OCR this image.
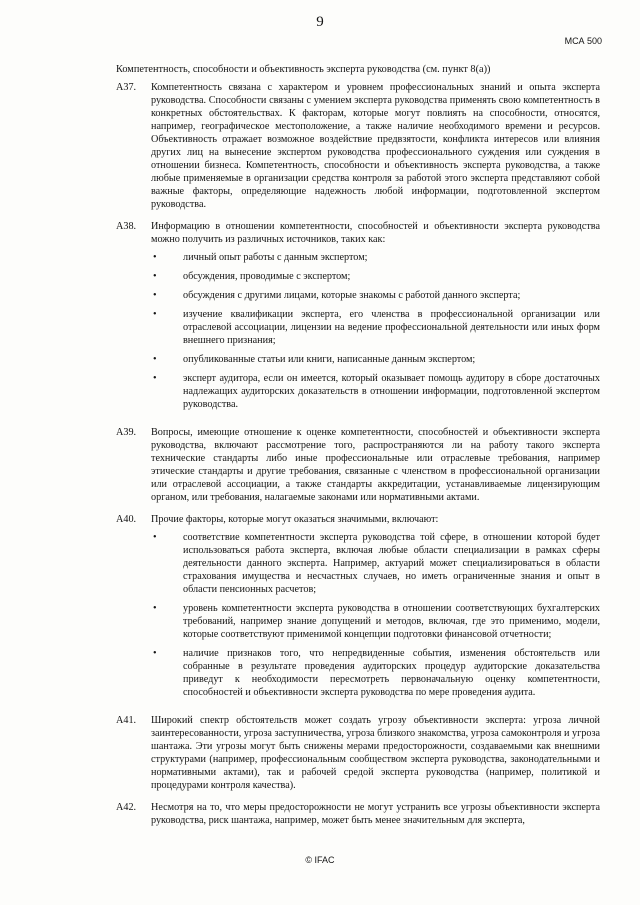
9
МСА 500
Компетентность, способности и объективность эксперта руководства (см. пункт 8(а))
А37.	Компетентность связана с характером и уровнем профессиональных знаний и опыта эксперта руководства. Способности связаны с умением эксперта руководства применять свою компетентность в конкретных обстоятельствах. К факторам, которые могут повлиять на способности, относятся, например, географическое местоположение, а также наличие необходимого времени и ресурсов. Объективность отражает возможное воздействие предвзятости, конфликта интересов или влияния других лиц на вынесение экспертом руководства профессионального суждения или суждения в отношении бизнеса. Компетентность, способности и объективность эксперта руководства, а также любые применяемые в организации средства контроля за работой этого эксперта представляют собой важные факторы, определяющие надежность любой информации, подготовленной экспертом руководства.
А38.	Информацию в отношении компетентности, способностей и объективности эксперта руководства можно получить из различных источников, таких как:
•	личный опыт работы с данным экспертом;
•	обсуждения, проводимые с экспертом;
•	обсуждения с другими лицами, которые знакомы с работой данного эксперта;
•	изучение квалификации эксперта, его членства в профессиональной организации или отраслевой ассоциации, лицензии на ведение профессиональной деятельности или иных форм внешнего признания;
•	опубликованные статьи или книги, написанные данным экспертом;
•	эксперт аудитора, если он имеется, который оказывает помощь аудитору в сборе достаточных надлежащих аудиторских доказательств в отношении информации, подготовленной экспертом руководства.
А39.	Вопросы, имеющие отношение к оценке компетентности, способностей и объективности эксперта руководства, включают рассмотрение того, распространяются ли на работу такого эксперта технические стандарты либо иные профессиональные или отраслевые требования, например этические стандарты и другие требования, связанные с членством в профессиональной организации или отраслевой ассоциации, а также стандарты аккредитации, устанавливаемые лицензирующим органом, или требования, налагаемые законами или нормативными актами.
А40.	Прочие факторы, которые могут оказаться значимыми, включают:
•	соответствие компетентности эксперта руководства той сфере, в отношении которой будет использоваться работа эксперта, включая любые области специализации в рамках сферы деятельности данного эксперта. Например, актуарий может специализироваться в области страхования имущества и несчастных случаев, но иметь ограниченные знания и опыт в области пенсионных расчетов;
•	уровень компетентности эксперта руководства в отношении соответствующих бухгалтерских требований, например знание допущений и методов, включая, где это применимо, модели, которые соответствуют применимой концепции подготовки финансовой отчетности;
•	наличие признаков того, что непредвиденные события, изменения обстоятельств или собранные в результате проведения аудиторских процедур аудиторские доказательства приведут к необходимости пересмотреть первоначальную оценку компетентности, способностей и объективности эксперта руководства по мере проведения аудита.
А41.	Широкий спектр обстоятельств может создать угрозу объективности эксперта: угроза личной заинтересованности, угроза заступничества, угроза близкого знакомства, угроза самоконтроля и угроза шантажа. Эти угрозы могут быть снижены мерами предосторожности, создаваемыми как внешними структурами (например, профессиональным сообществом эксперта руководства, законодательными и нормативными актами), так и рабочей средой эксперта руководства (например, политикой и процедурами контроля качества).
А42.	Несмотря на то, что меры предосторожности не могут устранить все угрозы объективности эксперта руководства, риск шантажа, например, может быть менее значительным для эксперта,
© IFAC
